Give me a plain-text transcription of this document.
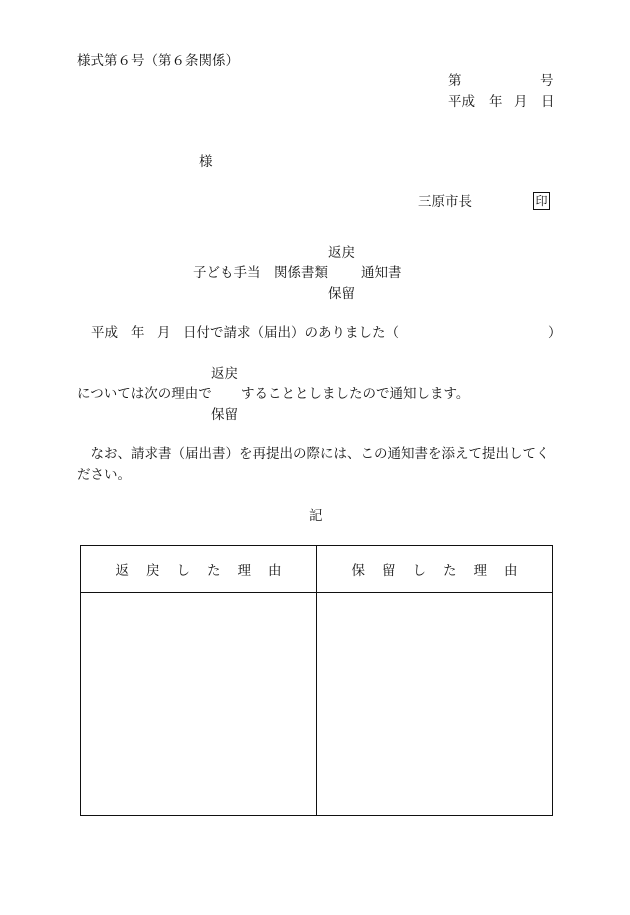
様式第６号（第６条関係）
第	号
平成 年 月 日
様
三原市長	印
返戻
子ども手当　関係書類 通知書
保留
平成 年 月 日付で請求（届出）のありました（	）
返戻
については次の理由で することとしましたので通知します。
保留
　なお、請求書（届出書）を再提出の際には、この通知書を添えて提出してく
ださい。
記
返戻した理由	保留した理由
